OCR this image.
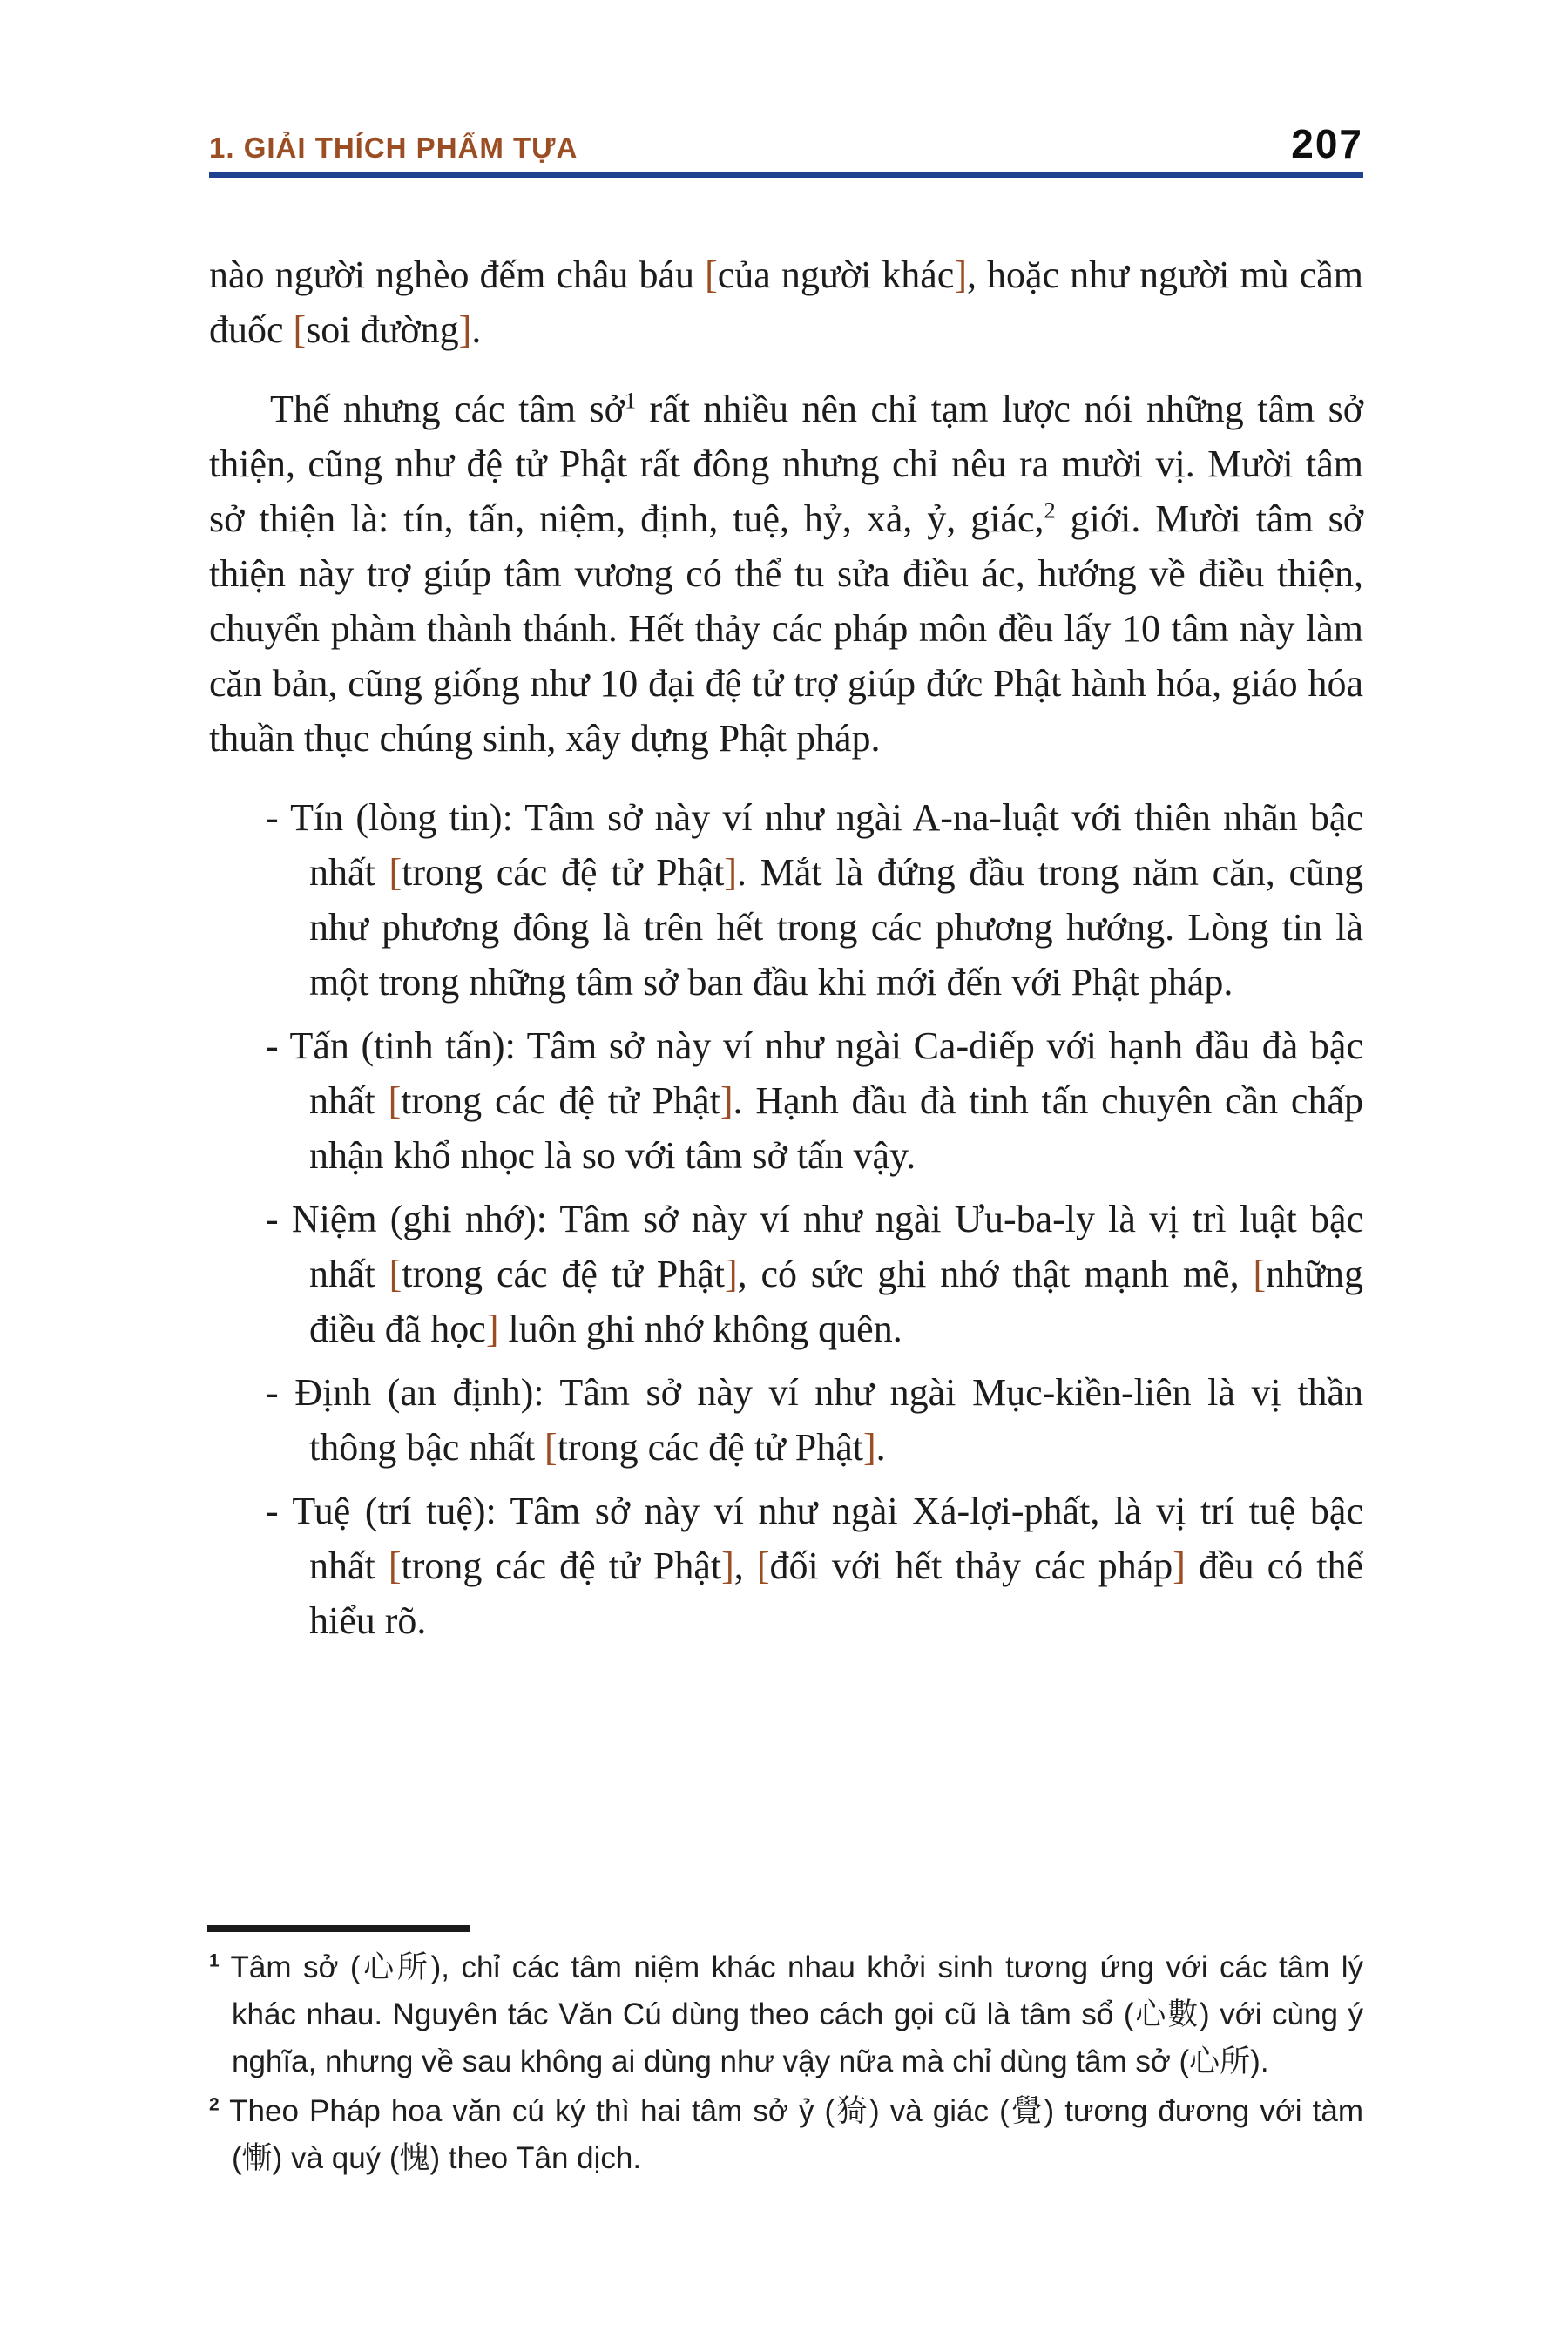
1. GIẢI THÍCH PHẨM TỰA	207

nào người nghèo đếm châu báu [của người khác], hoặc như người mù cầm đuốc [soi đường].

Thế nhưng các tâm sở$^1$ rất nhiều nên chỉ tạm lược nói những tâm sở thiện, cũng như đệ tử Phật rất đông nhưng chỉ nêu ra mười vị. Mười tâm sở thiện là: tín, tấn, niệm, định, tuệ, hỷ, xả, ỷ, giác,$^2$ giới. Mười tâm sở thiện này trợ giúp tâm vương có thể tu sửa điều ác, hướng về điều thiện, chuyển phàm thành thánh. Hết thảy các pháp môn đều lấy 10 tâm này làm căn bản, cũng giống như 10 đại đệ tử trợ giúp đức Phật hành hóa, giáo hóa thuần thục chúng sinh, xây dựng Phật pháp.

- Tín (lòng tin): Tâm sở này ví như ngài A-na-luật với thiên nhãn bậc nhất [trong các đệ tử Phật]. Mắt là đứng đầu trong năm căn, cũng như phương đông là trên hết trong các phương hướng. Lòng tin là một trong những tâm sở ban đầu khi mới đến với Phật pháp.
- Tấn (tinh tấn): Tâm sở này ví như ngài Ca-diếp với hạnh đầu đà bậc nhất [trong các đệ tử Phật]. Hạnh đầu đà tinh tấn chuyên cần chấp nhận khổ nhọc là so với tâm sở tấn vậy.
- Niệm (ghi nhớ): Tâm sở này ví như ngài Ưu-ba-ly là vị trì luật bậc nhất [trong các đệ tử Phật], có sức ghi nhớ thật mạnh mẽ, [những điều đã học] luôn ghi nhớ không quên.
- Định (an định): Tâm sở này ví như ngài Mục-kiền-liên là vị thần thông bậc nhất [trong các đệ tử Phật].
- Tuệ (trí tuệ): Tâm sở này ví như ngài Xá-lợi-phất, là vị trí tuệ bậc nhất [trong các đệ tử Phật], [đối với hết thảy các pháp] đều có thể hiểu rõ.
$^1$ Tâm sở (心所), chỉ các tâm niệm khác nhau khởi sinh tương ứng với các tâm lý khác nhau. Nguyên tác Văn Cú dùng theo cách gọi cũ là tâm sổ (心數) với cùng ý nghĩa, nhưng về sau không ai dùng như vậy nữa mà chỉ dùng tâm sở (心所).
$^2$ Theo Pháp hoa văn cú ký thì hai tâm sở ỷ (猗) và giác (覺) tương đương với tàm (慚) và quý (愧) theo Tân dịch.
